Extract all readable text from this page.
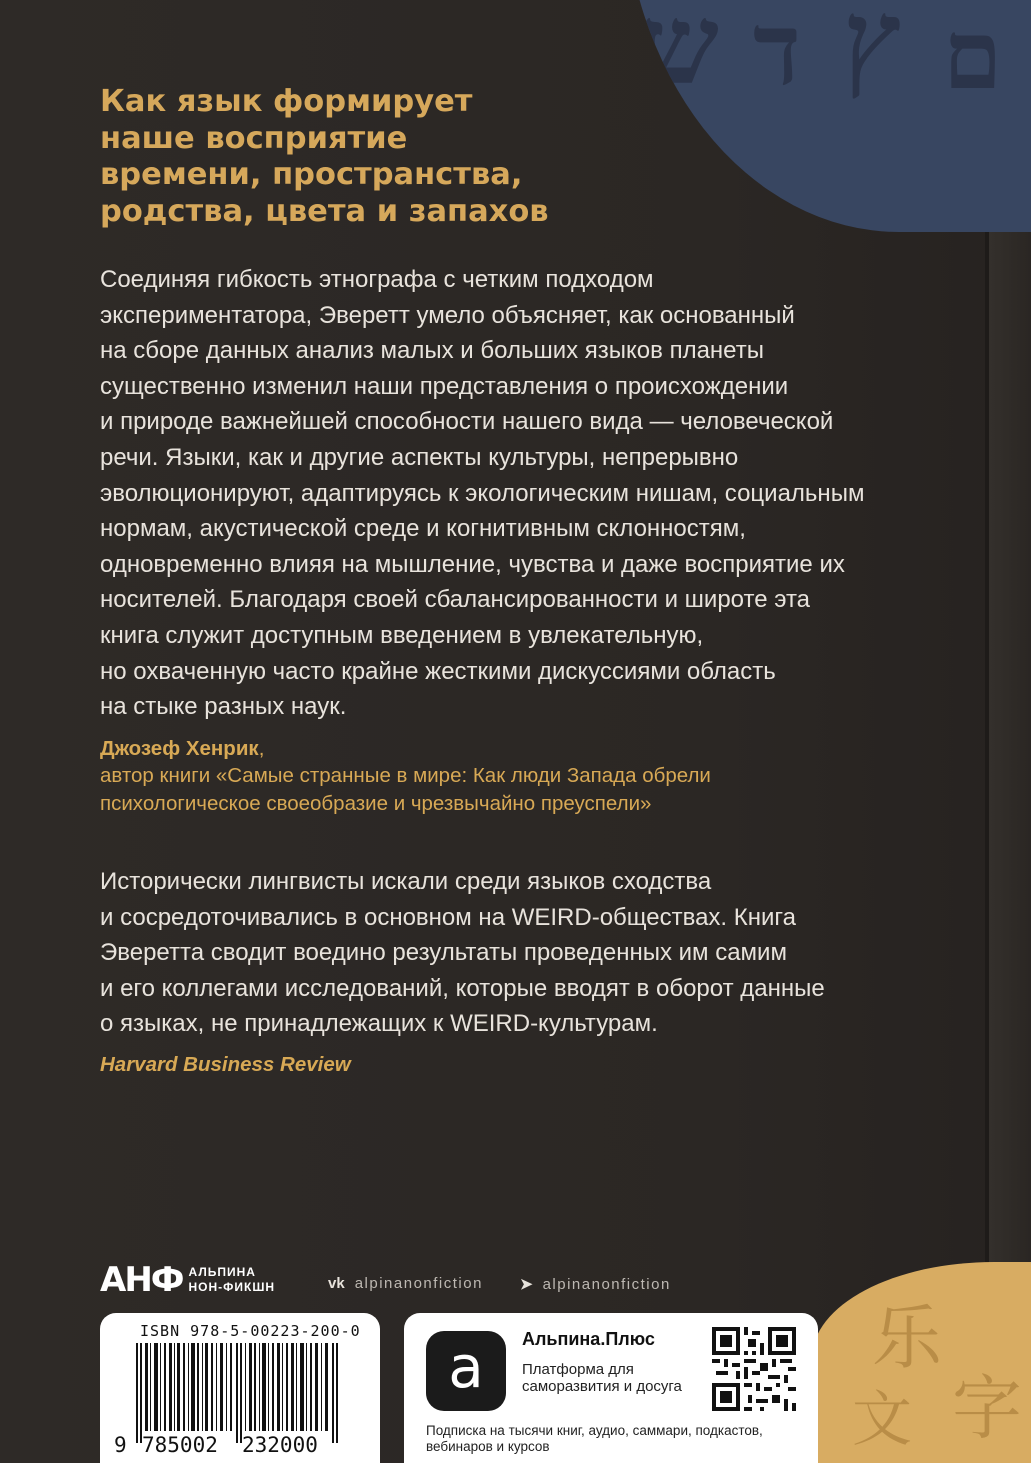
ש ד ץ ם
乐
字
文
Как язык формирует
наше восприятие
времени, пространства,
родства, цвета и запахов

Соединяя гибкость этнографа с четким подходом
экспериментатора, Эверетт умело объясняет, как основанный
на сборе данных анализ малых и больших языков планеты
существенно изменил наши представления о происхождении
и природе важнейшей способности нашего вида — человеческой
речи. Языки, как и другие аспекты культуры, непрерывно
эволюционируют, адаптируясь к экологическим нишам, социальным
нормам, акустической среде и когнитивным склонностям,
одновременно влияя на мышление, чувства и даже восприятие их
носителей. Благодаря своей сбалансированности и широте эта
книга служит доступным введением в увлекательную,
но охваченную часто крайне жесткими дискуссиями область
на стыке разных наук.

Джозеф Хенрик,
автор книги «Самые странные в мире: Как люди Запада обрели
психологическое своеобразие и чрезвычайно преуспели»

Исторически лингвисты искали среди языков сходства
и сосредоточивались в основном на WEIRD-обществах. Книга
Эверетта сводит воедино результаты проведенных им самим
и его коллегами исследований, которые вводят в оборот данные
о языках, не принадлежащих к WEIRD-культурам.

Harvard Business Review
АНФ АЛЬПИНА
НОН-ФИКШН	vk alpinanonfiction ➤ alpinanonfiction
ISBN 978-5-00223-200-0
9 785002 232000
a Альпина.Плюс
Платформа для саморазвития и досуга
Подписка на тысячи книг, аудио, саммари, подкастов, вебинаров и курсов
